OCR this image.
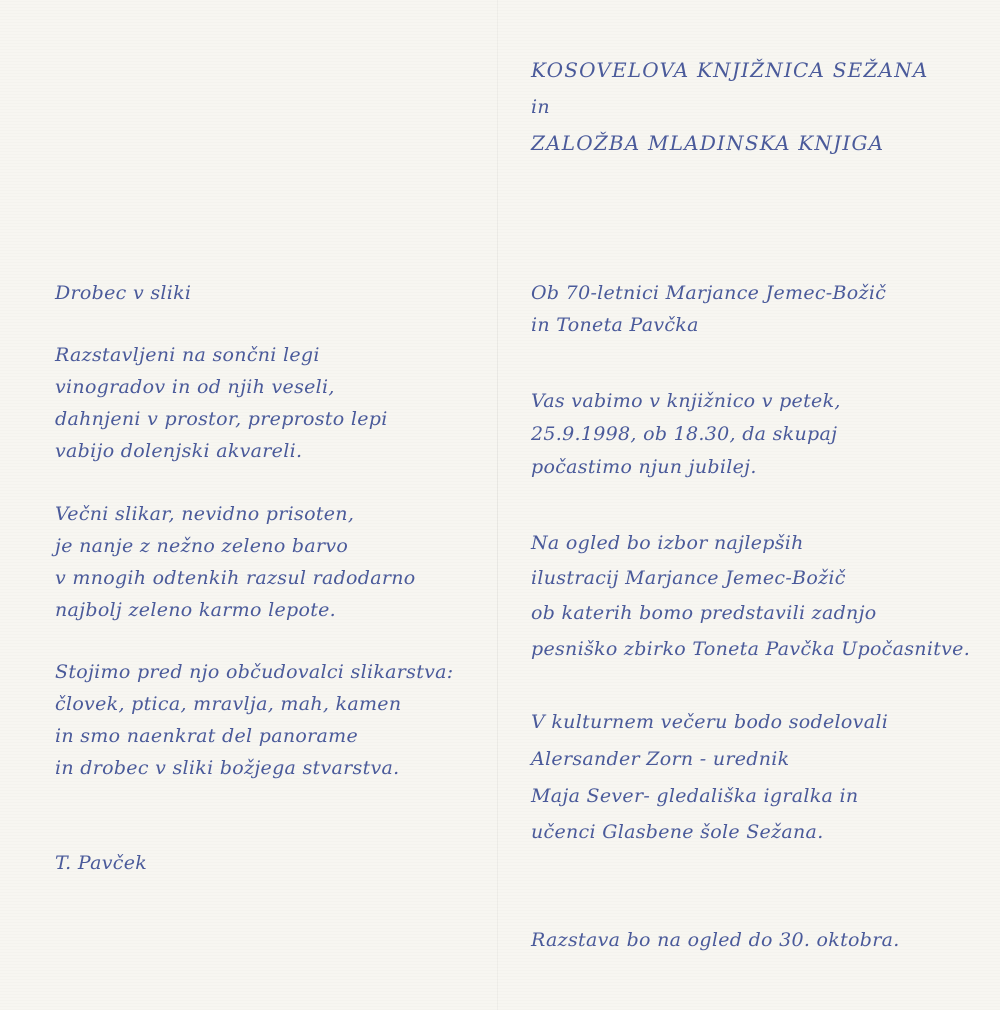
KOSOVELOVA KNJIŽNICA SEŽANA
in
ZALOŽBA MLADINSKA KNJIGA
Drobec v sliki
Razstavljeni na sončni legi
vinogradov in od njih veseli,
dahnjeni v prostor, preprosto lepi
vabijo dolenjski akvareli.
Večni slikar, nevidno prisoten,
je nanje z nežno zeleno barvo
v mnogih odtenkih razsul radodarno
najbolj zeleno karmo lepote.
Stojimo pred njo občudovalci slikarstva:
človek, ptica, mravlja, mah, kamen
in smo naenkrat del panorame
in drobec v sliki božjega stvarstva.
T. Pavček
Ob 70-letnici Marjance Jemec-Božič
in Toneta Pavčka
Vas vabimo v knjižnico v petek,
25.9.1998, ob 18.30, da skupaj
počastimo njun jubilej.
Na ogled bo izbor najlepših
ilustracij Marjance Jemec-Božič
ob katerih bomo predstavili zadnjo
pesniško zbirko Toneta Pavčka Upočasnitve.
V kulturnem večeru bodo sodelovali
Alersander Zorn - urednik
Maja Sever- gledališka igralka in
učenci Glasbene šole Sežana.
Razstava bo na ogled do 30. oktobra.
